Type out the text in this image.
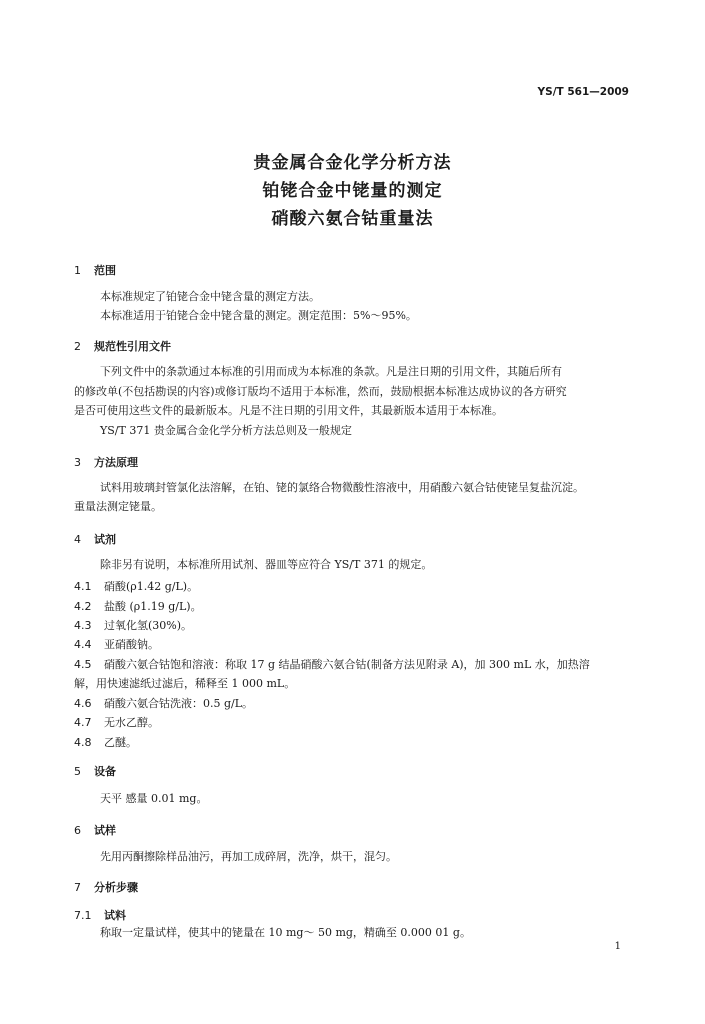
YS/T 561—2009
贵金属合金化学分析方法
铂铑合金中铑量的测定
硝酸六氨合钴重量法
1 范围
本标准规定了铂铑合金中铑含量的测定方法。
本标准适用于铂铑合金中铑含量的测定。测定范围：5%～95%。
2 规范性引用文件
下列文件中的条款通过本标准的引用而成为本标准的条款。凡是注日期的引用文件，其随后所有
的修改单(不包括勘误的内容)或修订版均不适用于本标准，然而，鼓励根据本标准达成协议的各方研究
是否可使用这些文件的最新版本。凡是不注日期的引用文件，其最新版本适用于本标准。
YS/T 371 贵金属合金化学分析方法总则及一般规定
3 方法原理
试料用玻璃封管氯化法溶解，在铂、铑的氯络合物微酸性溶液中，用硝酸六氨合钴使铑呈复盐沉淀。
重量法测定铑量。
4 试剂
除非另有说明，本标准所用试剂、器皿等应符合 YS/T 371 的规定。
4.1 硝酸(ρ1.42 g/L)。
4.2 盐酸 (ρ1.19 g/L)。
4.3 过氧化氢(30%)。
4.4 亚硝酸钠。
4.5 硝酸六氨合钴饱和溶液：称取 17 g 结晶硝酸六氨合钴(制备方法见附录 A)，加 300 mL 水，加热溶
解，用快速滤纸过滤后，稀释至 1 000 mL。
4.6 硝酸六氨合钴洗液：0.5 g/L。
4.7 无水乙醇。
4.8 乙醚。
5 设备
天平 感量 0.01 mg。
6 试样
先用丙酮擦除样品油污，再加工成碎屑，洗净，烘干，混匀。
7 分析步骤
7.1 试料
称取一定量试样，使其中的铑量在 10 mg～ 50 mg，精确至 0.000 01 g。
1
